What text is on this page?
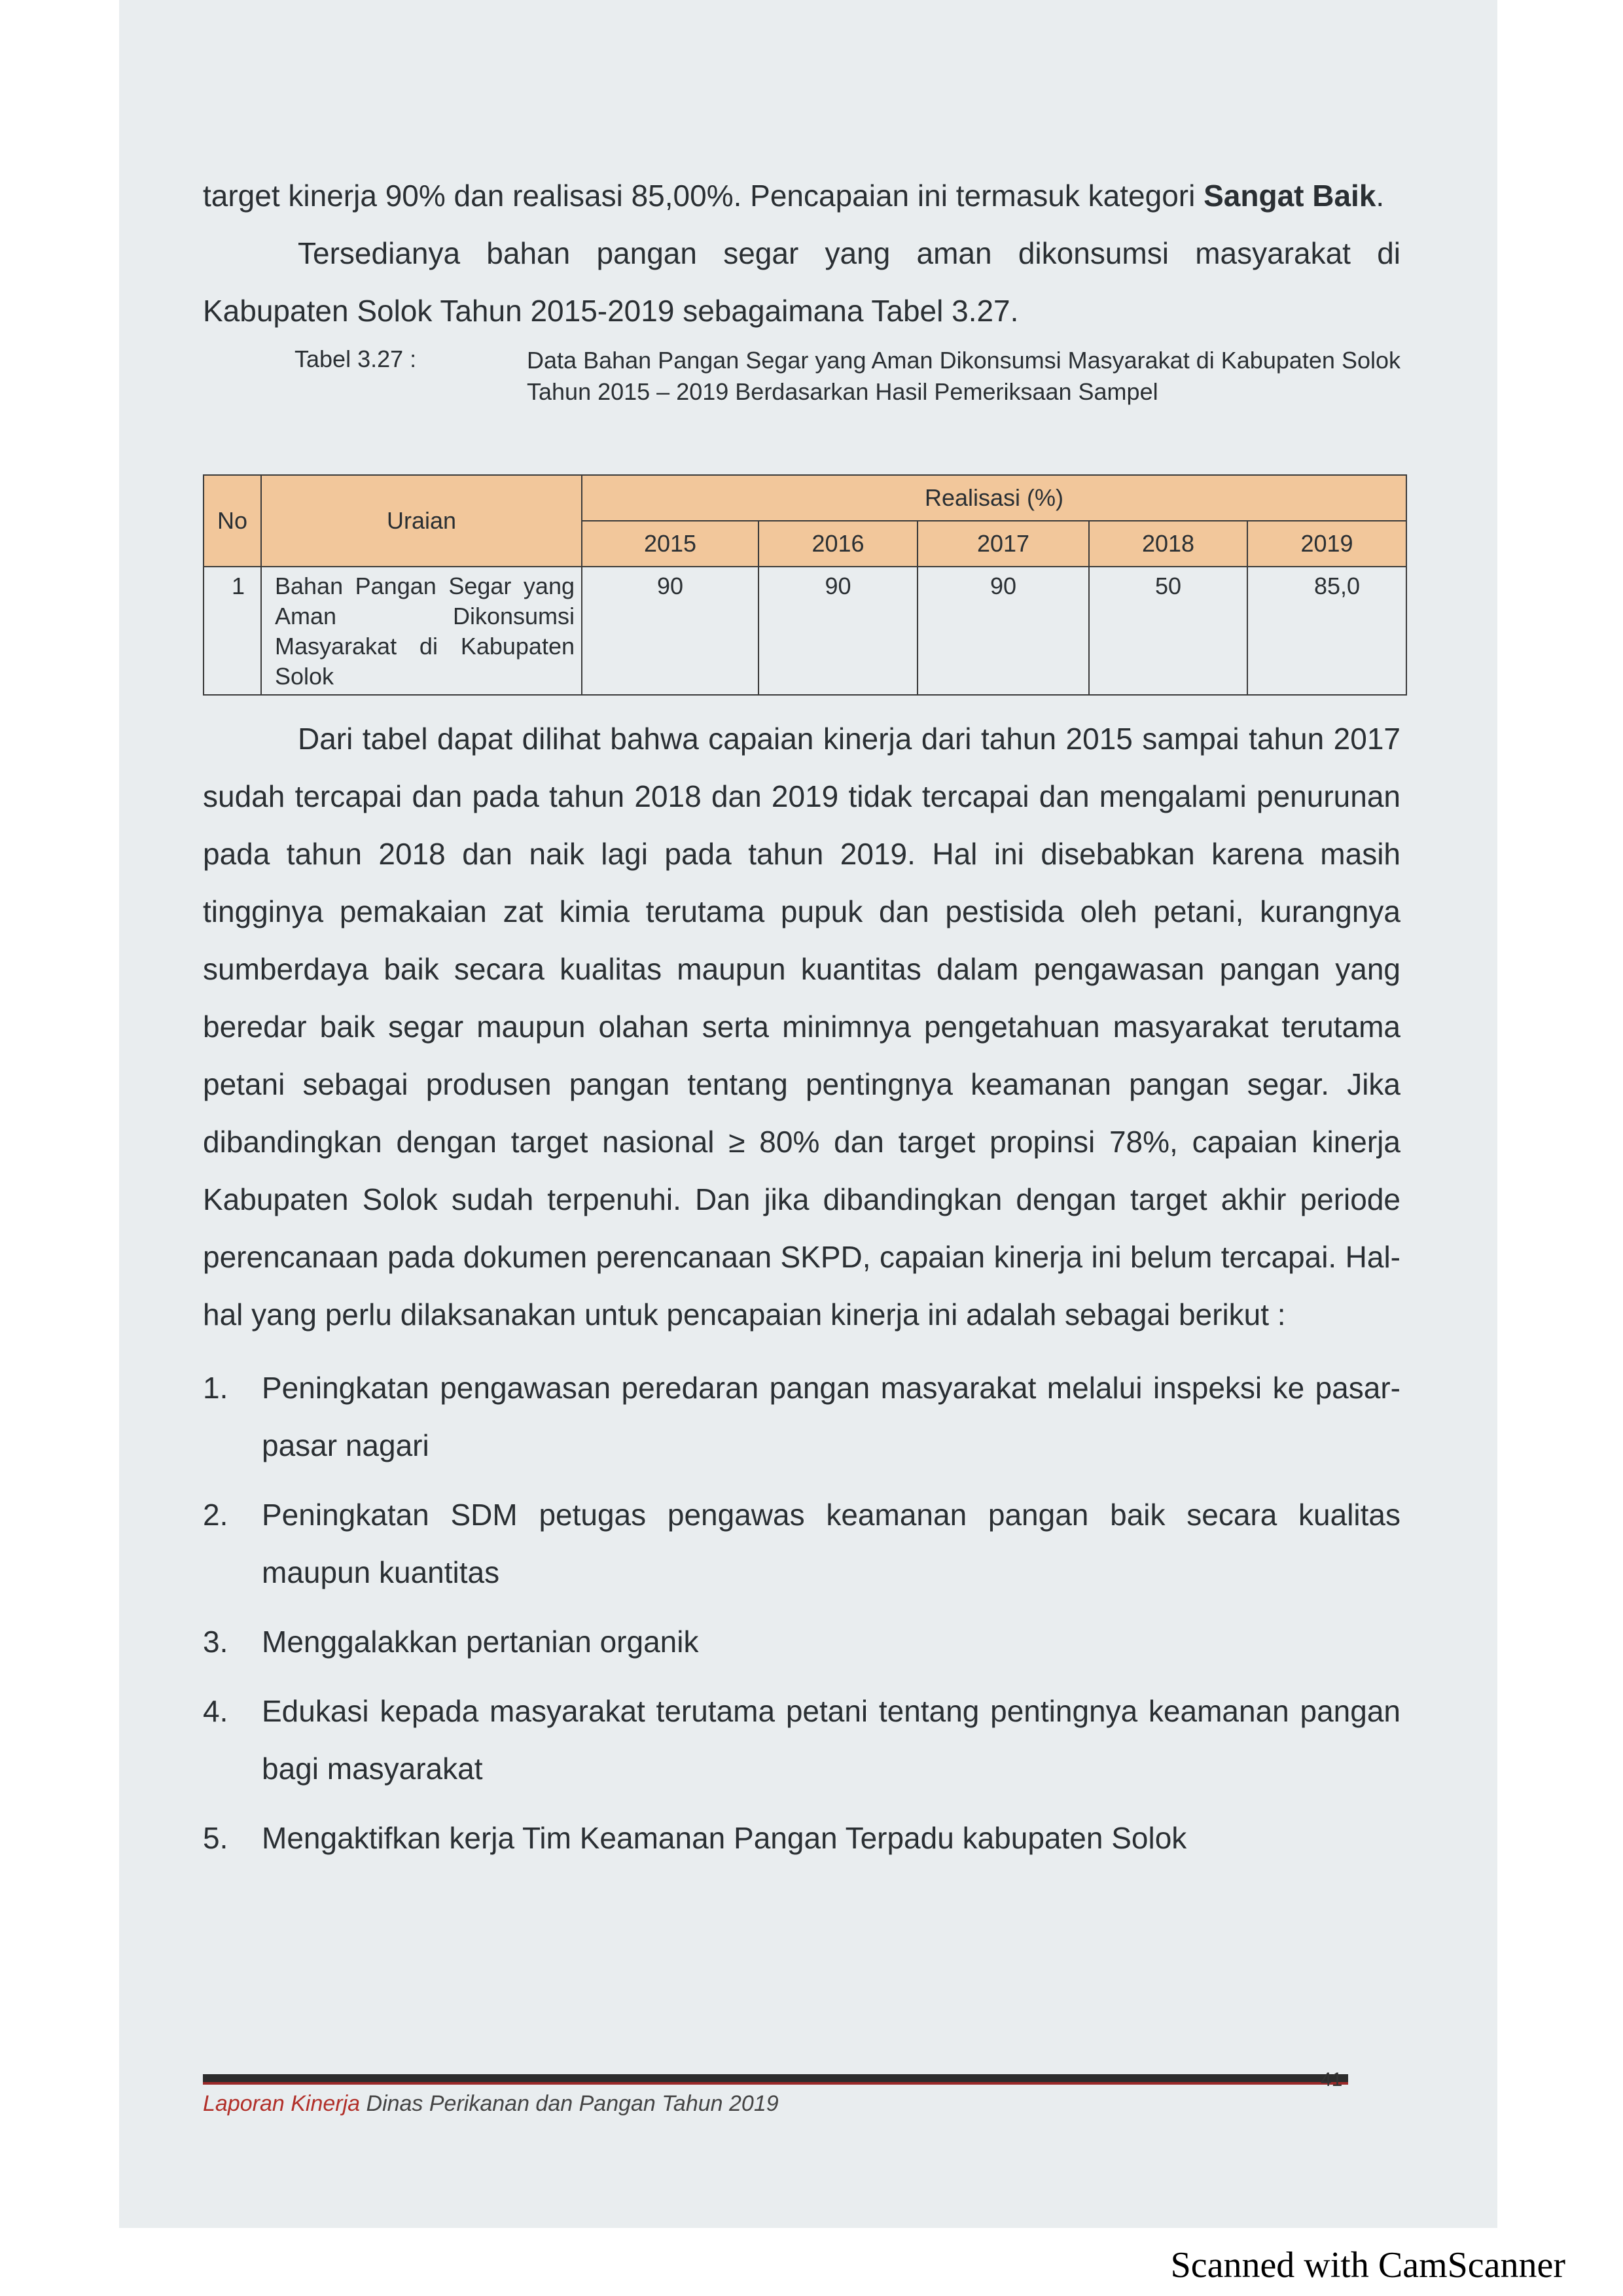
target kinerja 90% dan realisasi 85,00%. Pencapaian ini termasuk kategori Sangat Baik.

Tersedianya bahan pangan segar yang aman dikonsumsi masyarakat di Kabupaten Solok Tahun 2015-2019 sebagaimana Tabel 3.27.

Tabel 3.27 :	Data Bahan Pangan Segar yang Aman Dikonsumsi Masyarakat di Kabupaten Solok Tahun 2015 – 2019 Berdasarkan Hasil Pemeriksaan Sampel
No	Uraian	Realisasi (%)				
		2015	2016	2017	2018	2019
1	Bahan Pangan Segar yang Aman Dikonsumsi Masyarakat di Kabupaten Solok	90	90	90	50	85,0

Dari tabel dapat dilihat bahwa capaian kinerja dari tahun 2015 sampai tahun 2017 sudah tercapai dan pada tahun 2018 dan 2019 tidak tercapai dan mengalami penurunan pada tahun 2018 dan naik lagi pada tahun 2019. Hal ini disebabkan karena masih tingginya pemakaian zat kimia terutama pupuk dan pestisida oleh petani, kurangnya sumberdaya baik secara kualitas maupun kuantitas dalam pengawasan pangan yang beredar baik segar maupun olahan serta minimnya pengetahuan masyarakat terutama petani sebagai produsen pangan tentang pentingnya keamanan pangan segar. Jika dibandingkan dengan target nasional ≥ 80% dan target propinsi 78%, capaian kinerja Kabupaten Solok sudah terpenuhi. Dan jika dibandingkan dengan target akhir periode perencanaan pada dokumen perencanaan SKPD, capaian kinerja ini belum tercapai. Hal-hal yang perlu dilaksanakan untuk pencapaian kinerja ini adalah sebagai berikut :

1. Peningkatan pengawasan peredaran pangan masyarakat melalui inspeksi ke pasar-pasar nagari
2. Peningkatan SDM petugas pengawas keamanan pangan baik secara kualitas maupun kuantitas
3. Menggalakkan pertanian organik
4. Edukasi kepada masyarakat terutama petani tentang pentingnya keamanan pangan bagi masyarakat
5. Mengaktifkan kerja Tim Keamanan Pangan Terpadu kabupaten Solok
Laporan Kinerja Dinas Perikanan dan Pangan Tahun 2019
41
Scanned with CamScanner
